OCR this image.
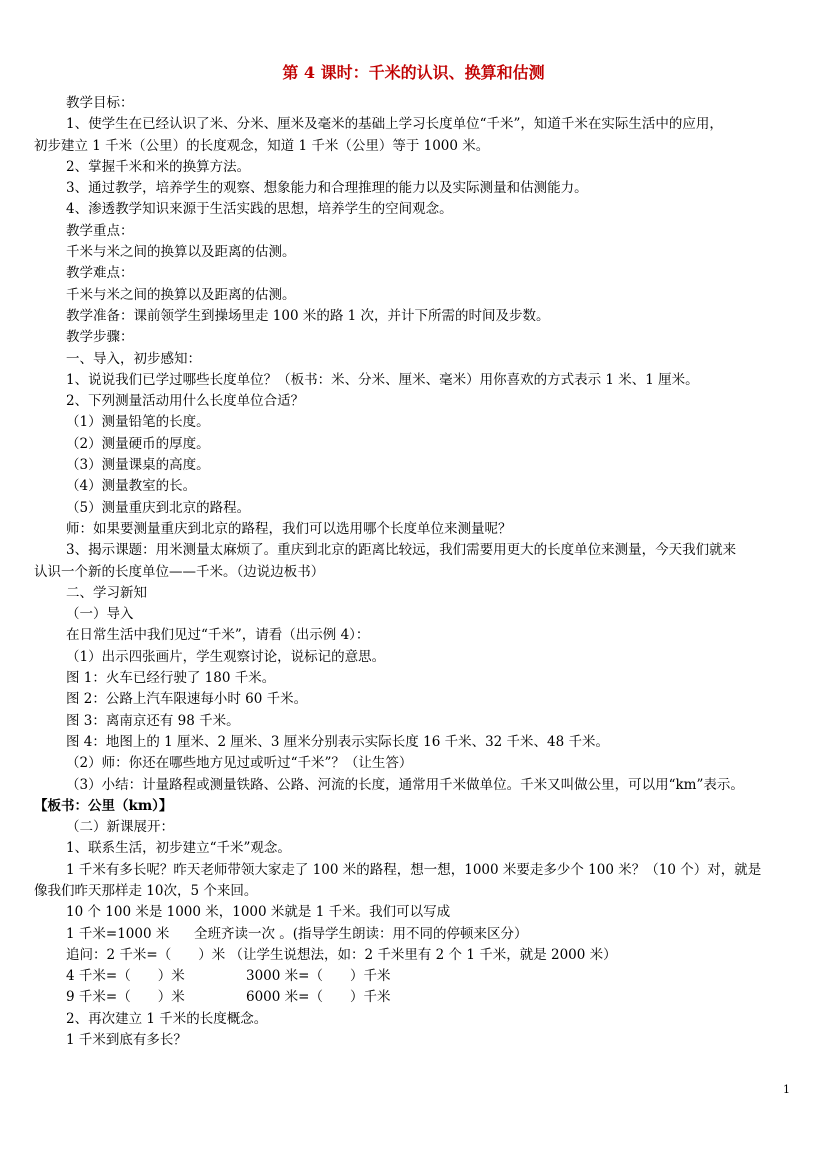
第 4 课时：千米的认识、换算和估测
教学目标：
1、使学生在已经认识了米、分米、厘米及毫米的基础上学习长度单位“千米”，知道千米在实际生活中的应用，
初步建立 1 千米（公里）的长度观念，知道 1 千米（公里）等于 1000 米。
2、掌握千米和米的换算方法。
3、通过教学，培养学生的观察、想象能力和合理推理的能力以及实际测量和估测能力。
4、渗透教学知识来源于生活实践的思想，培养学生的空间观念。
教学重点：
千米与米之间的换算以及距离的估测。
教学难点：
千米与米之间的换算以及距离的估测。
教学准备：课前领学生到操场里走 100 米的路 1 次，并计下所需的时间及步数。
教学步骤：
一、导入，初步感知：
1、说说我们已学过哪些长度单位？（板书：米、分米、厘米、毫米）用你喜欢的方式表示 1 米、1 厘米。
2、下列测量活动用什么长度单位合适？
（1）测量铅笔的长度。
（2）测量硬币的厚度。
（3）测量课桌的高度。
（4）测量教室的长。
（5）测量重庆到北京的路程。
师：如果要测量重庆到北京的路程，我们可以选用哪个长度单位来测量呢？
3、揭示课题：用米测量太麻烦了。重庆到北京的距离比较远，我们需要用更大的长度单位来测量，今天我们就来
认识一个新的长度单位——千米。（边说边板书）
二、学习新知
（一）导入
在日常生活中我们见过“千米”，请看（出示例 4）：
（1）出示四张画片，学生观察讨论，说标记的意思。
图 1：火车已经行驶了 180 千米。
图 2：公路上汽车限速每小时 60 千米。
图 3：离南京还有 98 千米。
图 4：地图上的 1 厘米、2 厘米、3 厘米分别表示实际长度 16 千米、32 千米、48 千米。
（2）师：你还在哪些地方见过或听过“千米”？（让生答）
（3）小结：计量路程或测量铁路、公路、河流的长度，通常用千米做单位。千米又叫做公里，可以用“km”表示。
【板书：公里（km）】
（二）新课展开：
1、联系生活，初步建立“千米”观念。
1 千米有多长呢？昨天老师带领大家走了 100 米的路程，想一想，1000 米要走多少个 100 米？（10 个）对，就是
像我们昨天那样走 10次，5 个来回。
10 个 100 米是 1000 米，1000 米就是 1 千米。我们可以写成
1 千米=1000 米	全班齐读一次 。(指导学生朗读：用不同的停顿来区分）
追问：2 千米=（　　）米 （让学生说想法，如：2 千米里有 2 个 1 千米，就是 2000 米）
4 千米=（　　）米	3000 米=（　　）千米
9 千米=（　　）米	6000 米=（　　）千米
2、再次建立 1 千米的长度概念。
1 千米到底有多长？
1
